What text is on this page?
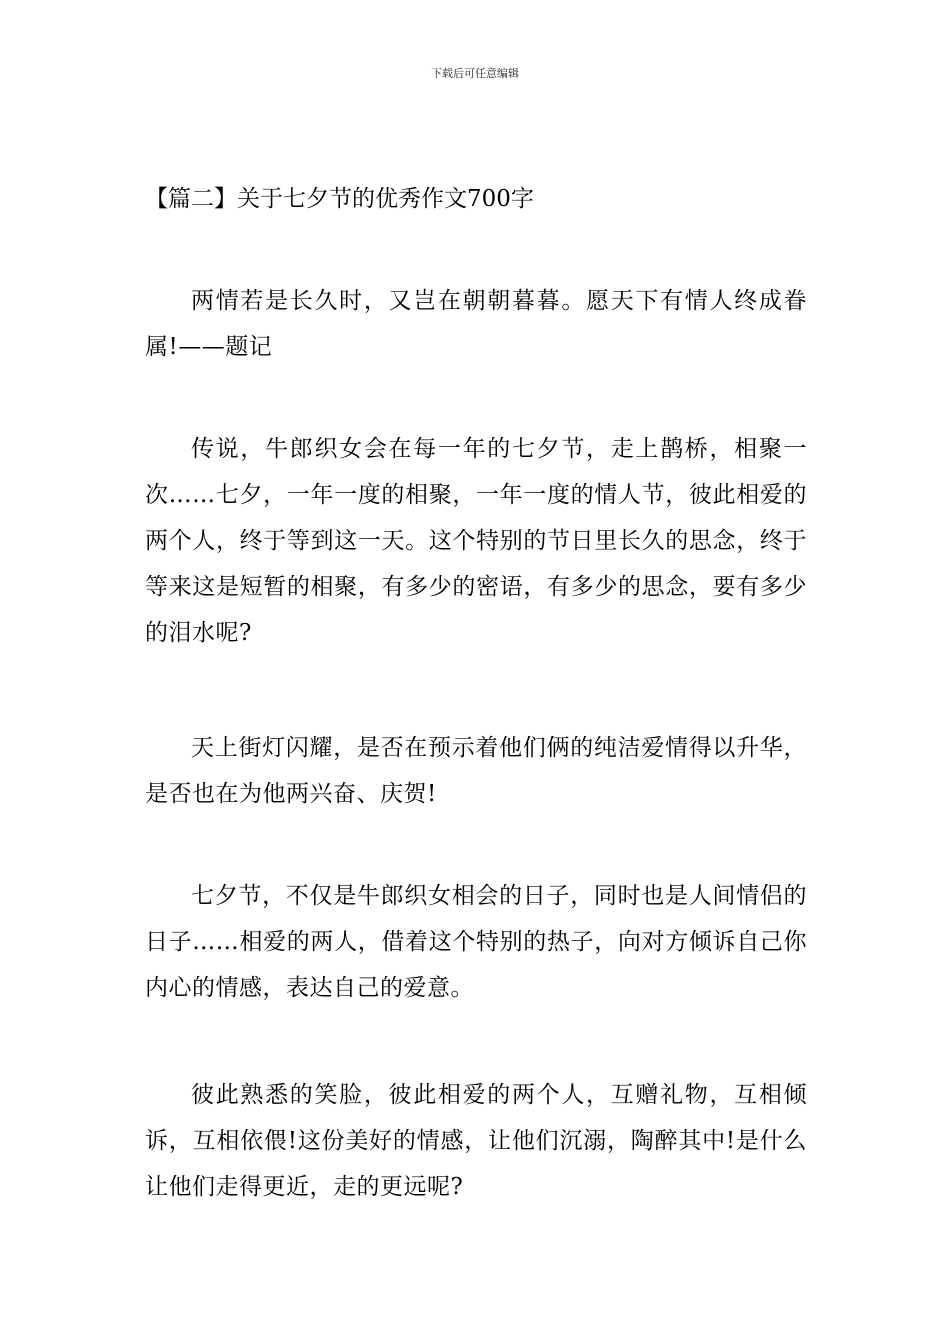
下载后可任意编辑
【篇二】关于七夕节的优秀作文700字

两情若是长久时，又岂在朝朝暮暮。愿天下有情人终成眷属!——题记

传说，牛郎织女会在每一年的七夕节，走上鹊桥，相聚一次……七夕，一年一度的相聚，一年一度的情人节，彼此相爱的两个人，终于等到这一天。这个特别的节日里长久的思念，终于等来这是短暂的相聚，有多少的密语，有多少的思念，要有多少的泪水呢?

天上街灯闪耀，是否在预示着他们俩的纯洁爱情得以升华，是否也在为他两兴奋、庆贺!

七夕节，不仅是牛郎织女相会的日子，同时也是人间情侣的日子……相爱的两人，借着这个特别的热子，向对方倾诉自己你内心的情感，表达自己的爱意。

彼此熟悉的笑脸，彼此相爱的两个人，互赠礼物，互相倾诉，互相依偎!这份美好的情感，让他们沉溺，陶醉其中!是什么让他们走得更近，走的更远呢?
